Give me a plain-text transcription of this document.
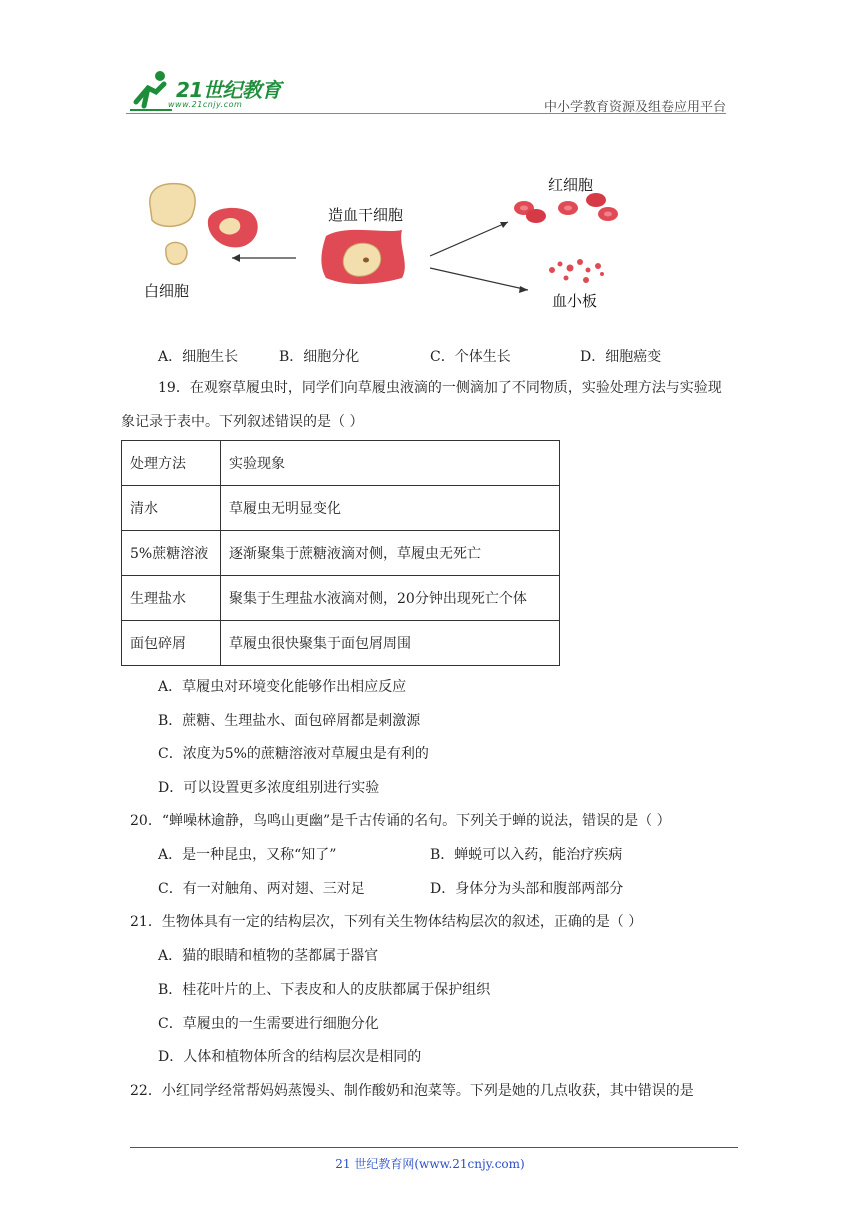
21世纪教育
www.21cnjy.com	中小学教育资源及组卷应用平台
造血干细胞
红细胞
白细胞
血小板
A．细胞生长	B．细胞分化	C．个体生长	D．细胞癌变
19．在观察草履虫时，同学们向草履虫液滴的一侧滴加了不同物质，实验处理方法与实验现
象记录于表中。下列叙述错误的是（ ）
处理方法	实验现象
清水	草履虫无明显变化
5%蔗糖溶液	逐渐聚集于蔗糖液滴对侧，草履虫无死亡
生理盐水	聚集于生理盐水液滴对侧，20分钟出现死亡个体
面包碎屑	草履虫很快聚集于面包屑周围
A．草履虫对环境变化能够作出相应反应
B．蔗糖、生理盐水、面包碎屑都是刺激源
C．浓度为5%的蔗糖溶液对草履虫是有利的
D．可以设置更多浓度组别进行实验
20．“蝉噪林逾静，鸟鸣山更幽”是千古传诵的名句。下列关于蝉的说法，错误的是（ ）
A．是一种昆虫，又称“知了”	B．蝉蜕可以入药，能治疗疾病
C．有一对触角、两对翅、三对足	D．身体分为头部和腹部两部分
21．生物体具有一定的结构层次，下列有关生物体结构层次的叙述，正确的是（ ）
A．猫的眼睛和植物的茎都属于器官
B．桂花叶片的上、下表皮和人的皮肤都属于保护组织
C．草履虫的一生需要进行细胞分化
D．人体和植物体所含的结构层次是相同的
22．小红同学经常帮妈妈蒸馒头、制作酸奶和泡菜等。下列是她的几点收获，其中错误的是
21 世纪教育网(www.21cnjy.com)
